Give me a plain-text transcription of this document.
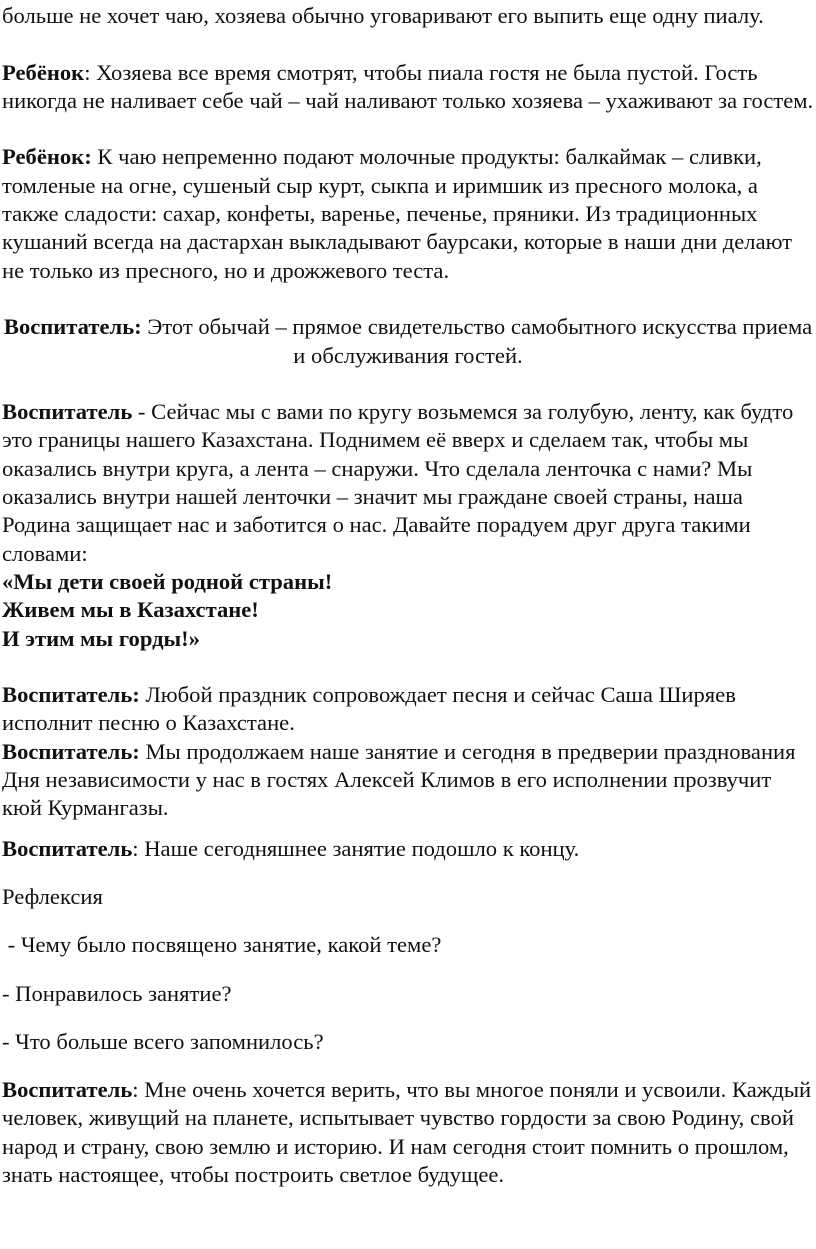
больше не хочет чаю, хозяева обычно уговаривают его выпить еще одну пиалу.

Ребёнок: Хозяева все время смотрят, чтобы пиала гостя не была пустой. Гость никогда не наливает себе чай – чай наливают только хозяева – ухаживают за гостем.

Ребёнок: К чаю непременно подают молочные продукты: балкаймак – сливки, томленые на огне, сушеный сыр курт, сыкпа и иримшик из пресного молока, а также сладости: сахар, конфеты, варенье, печенье, пряники. Из традиционных кушаний всегда на дастархан выкладывают баурсаки, которые в наши дни делают не только из пресного, но и дрожжевого теста.

Воспитатель: Этот обычай – прямое свидетельство самобытного искусства приема и обслуживания гостей.

Воспитатель - Сейчас мы с вами по кругу возьмемся за голубую, ленту, как будто это границы нашего Казахстана. Поднимем её вверх и сделаем так, чтобы мы оказались внутри круга, а лента – снаружи. Что сделала ленточка с нами? Мы оказались внутри нашей ленточки – значит мы граждане своей страны, наша Родина защищает нас и заботится о нас. Давайте порадуем друг друга такими словами:

«Мы дети своей родной страны!

Живем мы в Казахстане!

И этим мы горды!»

Воспитатель: Любой праздник сопровождает песня и сейчас Саша Ширяев исполнит песню о Казахстане.

Воспитатель: Мы продолжаем наше занятие и сегодня в предверии празднования Дня независимости у нас в гостях Алексей Климов в его исполнении прозвучит кюй Курмангазы.

Воспитатель: Наше сегодняшнее занятие подошло к концу.

Рефлексия

- Чему было посвящено занятие, какой теме?

- Понравилось занятие?

- Что больше всего запомнилось?

Воспитатель: Мне очень хочется верить, что вы многое поняли и усвоили. Каждый человек, живущий на планете, испытывает чувство гордости за свою Родину, свой народ и страну, свою землю и историю. И нам сегодня стоит помнить о прошлом, знать настоящее, чтобы построить светлое будущее.
